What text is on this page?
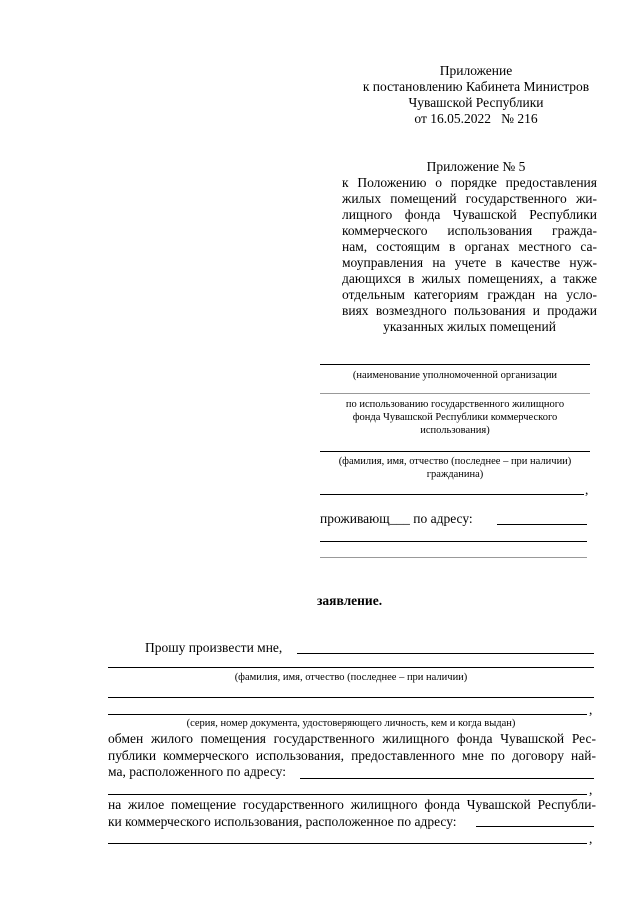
Приложение
к постановлению Кабинета Министров
Чувашской Республики
от 16.05.2022   № 216
Приложение № 5
к Положению о порядке предоставления
жилых помещений государственного жи-
лищного фонда Чувашской Республики
коммерческого использования гражда-
нам, состоящим в органах местного са-
моуправления на учете в качестве нуж-
дающихся в жилых помещениях, а также
отдельным категориям граждан на усло-
виях возмездного пользования и продажи
указанных жилых помещений
(наименование уполномоченной организации
по использованию государственного жилищного
фонда Чувашской Республики коммерческого
использования)
(фамилия, имя, отчество (последнее – при наличии)
гражданина)
,
проживающ___ по адресу:
заявление.
Прошу произвести мне,
(фамилия, имя, отчество (последнее – при наличии)
,
(серия, номер документа, удостоверяющего личность, кем и когда выдан)
обмен жилого помещения государственного жилищного фонда Чувашской Рес-
публики коммерческого использования, предоставленного мне по договору най-
ма, расположенного по адресу:
,
на жилое помещение государственного жилищного фонда Чувашской Республи-
ки коммерческого использования, расположенное по адресу:
,
